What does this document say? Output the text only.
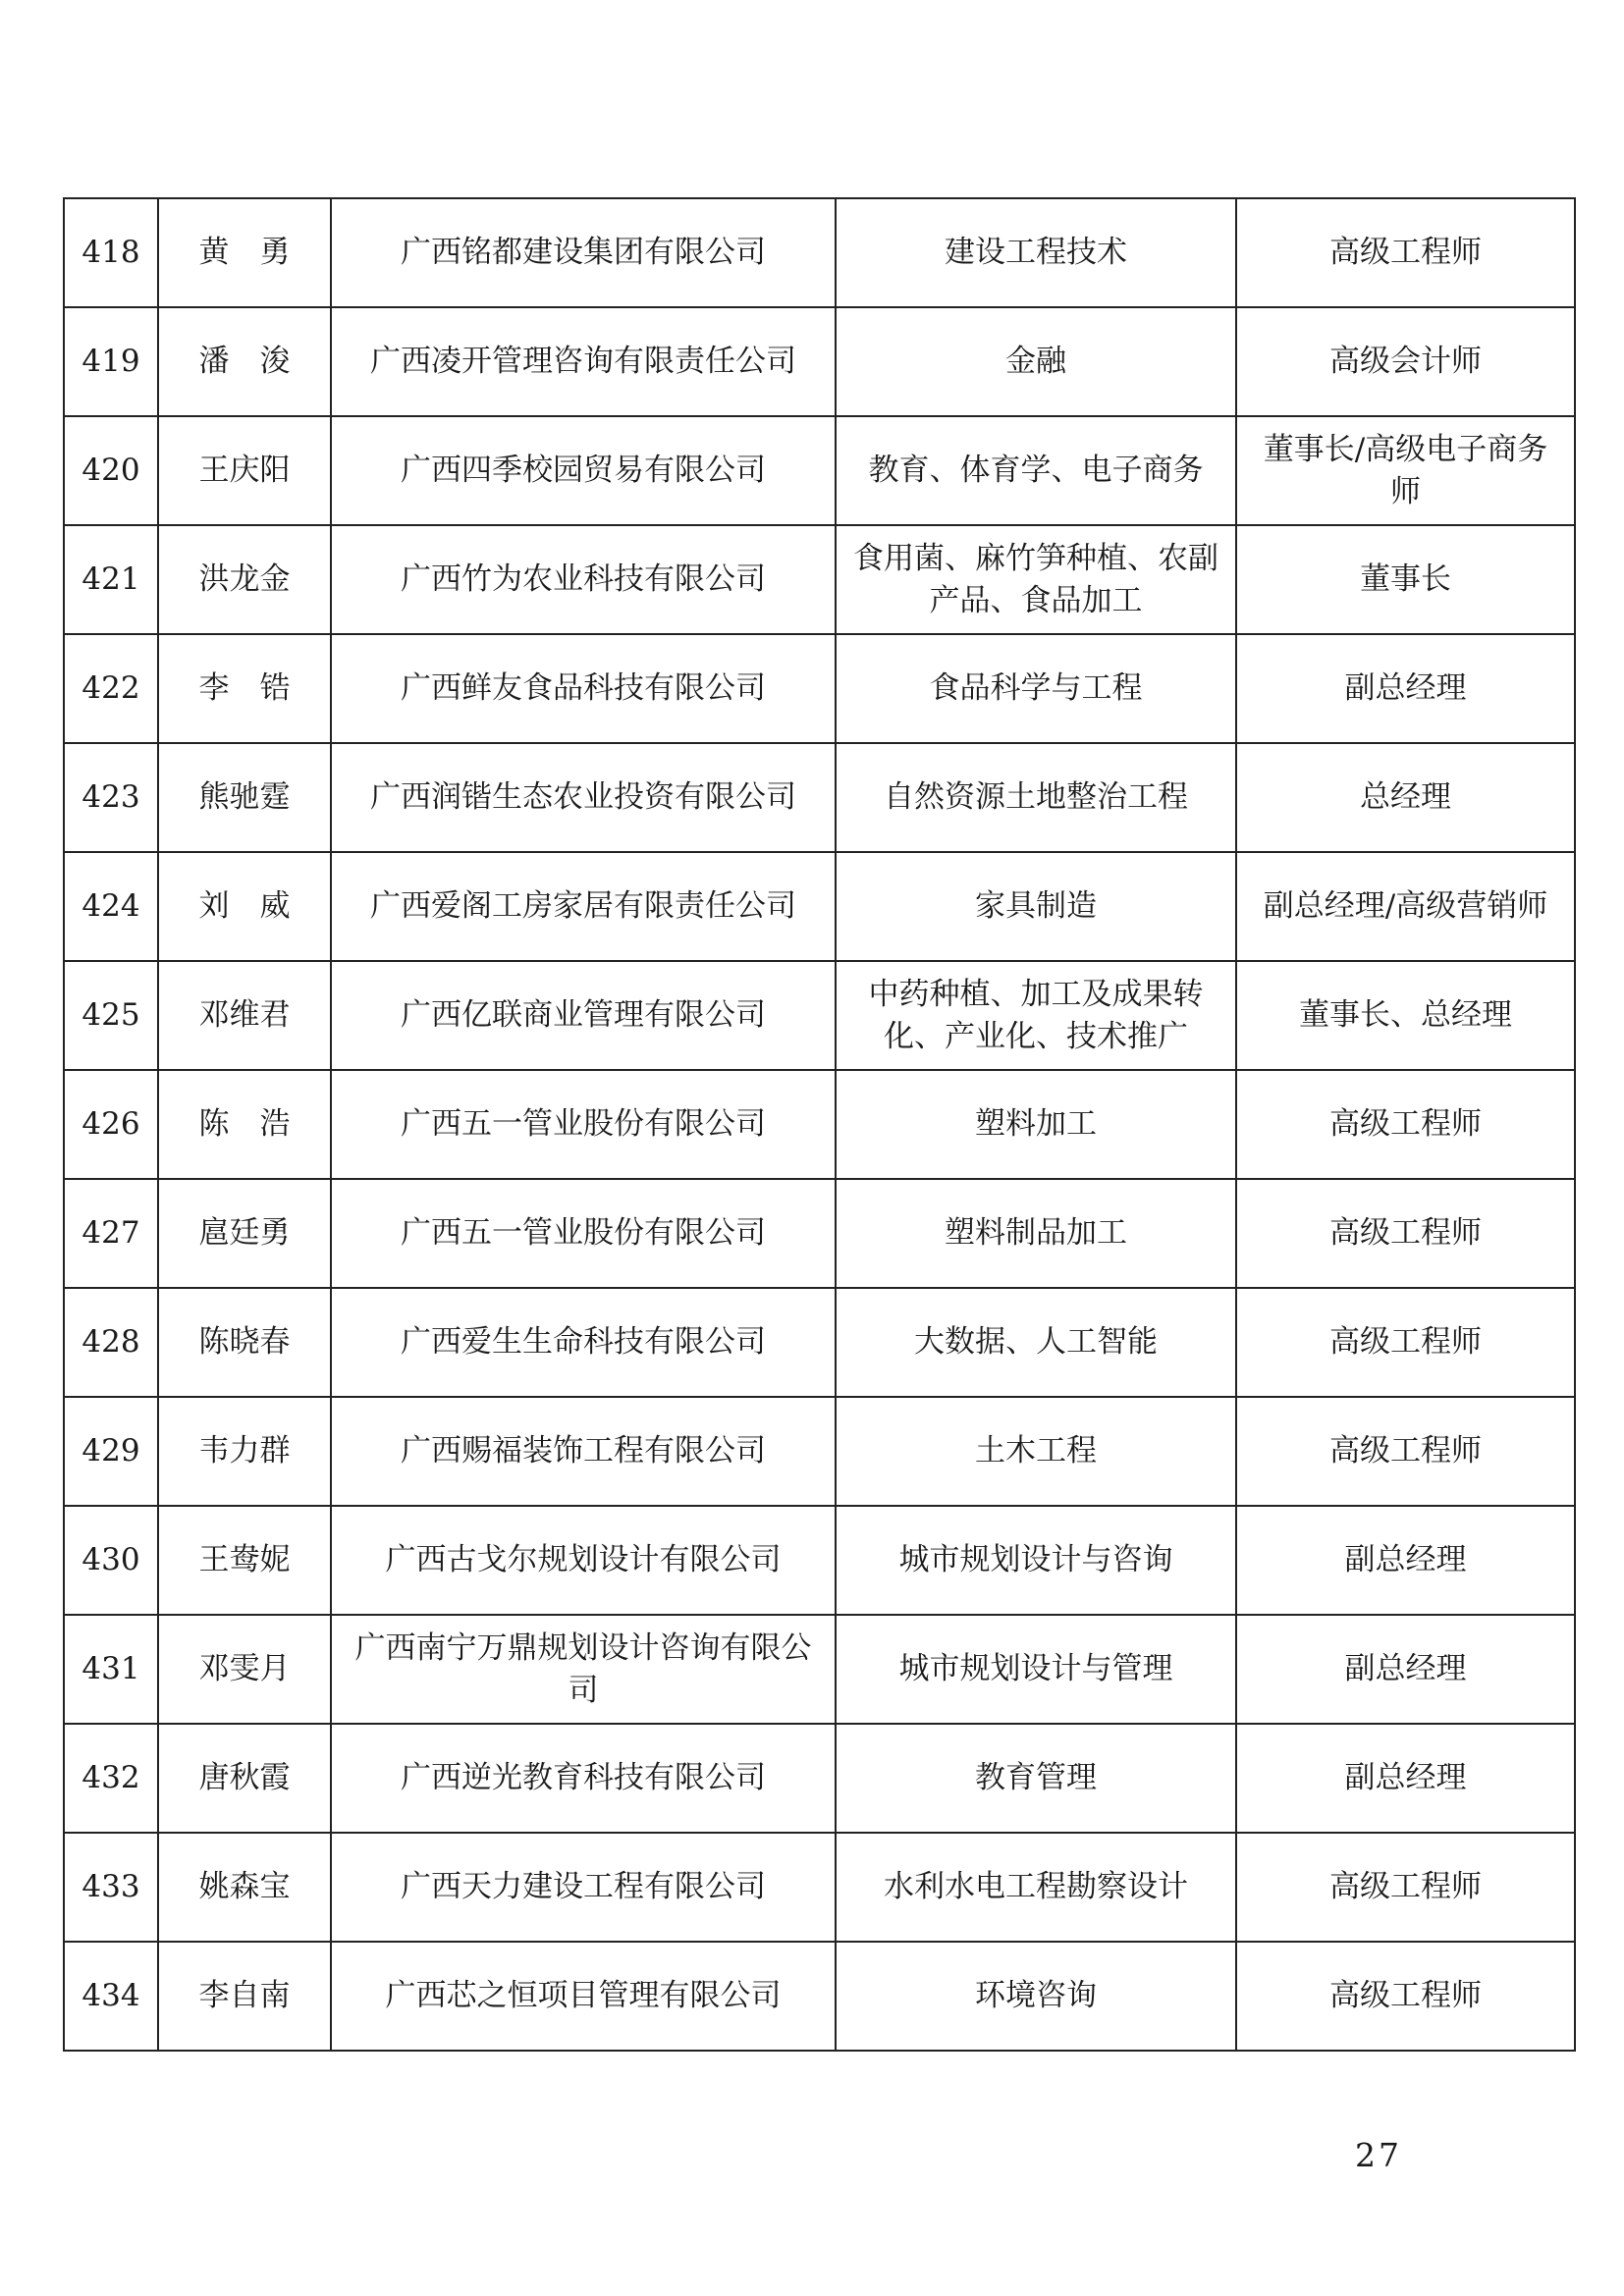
418	黄　勇	广西铭都建设集团有限公司	建设工程技术	高级工程师
419	潘　浚	广西凌开管理咨询有限责任公司	金融	高级会计师
420	王庆阳	广西四季校园贸易有限公司	教育、体育学、电子商务	董事长/高级电子商务师
421	洪龙金	广西竹为农业科技有限公司	食用菌、麻竹笋种植、农副产品、食品加工	董事长
422	李　锆	广西鲜友食品科技有限公司	食品科学与工程	副总经理
423	熊驰霆	广西润锴生态农业投资有限公司	自然资源土地整治工程	总经理
424	刘　威	广西爱阁工房家居有限责任公司	家具制造	副总经理/高级营销师
425	邓维君	广西亿联商业管理有限公司	中药种植、加工及成果转化、产业化、技术推广	董事长、总经理
426	陈　浩	广西五一管业股份有限公司	塑料加工	高级工程师
427	扈廷勇	广西五一管业股份有限公司	塑料制品加工	高级工程师
428	陈晓春	广西爱生生命科技有限公司	大数据、人工智能	高级工程师
429	韦力群	广西赐福装饰工程有限公司	土木工程	高级工程师
430	王鸯妮	广西古戈尔规划设计有限公司	城市规划设计与咨询	副总经理
431	邓雯月	广西南宁万鼎规划设计咨询有限公司	城市规划设计与管理	副总经理
432	唐秋霞	广西逆光教育科技有限公司	教育管理	副总经理
433	姚森宝	广西天力建设工程有限公司	水利水电工程勘察设计	高级工程师
434	李自南	广西芯之恒项目管理有限公司	环境咨询	高级工程师
27
